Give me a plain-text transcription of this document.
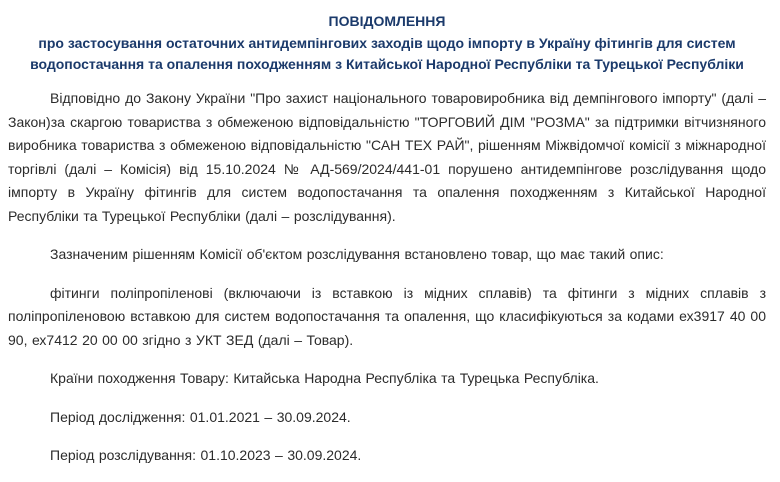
ПОВІДОМЛЕННЯ
про застосування остаточних антидемпінгових заходів щодо імпорту в Україну фітингів для систем водопостачання та опалення походженням з Китайської Народної Республіки та Турецької Республіки

Відповідно до Закону України "Про захист національного товаровиробника від демпінгового імпорту" (далі – Закон)за скаргою товариства з обмеженою відповідальністю "ТОРГОВИЙ ДІМ "РОЗМА" за підтримки вітчизняного виробника товариства з обмеженою відповідальністю "САН ТЕХ РАЙ", рішенням Міжвідомчої комісії з міжнародної торгівлі (далі – Комісія) від 15.10.2024 № АД-569/2024/441-01 порушено антидемпінгове розслідування щодо імпорту в Україну фітингів для систем водопостачання та опалення походженням з Китайської Народної Республіки та Турецької Республіки (далі – розслідування).

Зазначеним рішенням Комісії об'єктом розслідування встановлено товар, що має такий опис:

фітинги поліпропіленові (включаючи із вставкою із мідних сплавів) та фітинги з мідних сплавів з поліпропіленовою вставкою для систем водопостачання та опалення, що класифікуються за кодами ех3917 40 00 90, ех7412 20 00 00 згідно з УКТ ЗЕД (далі – Товар).

Країни походження Товару: Китайська Народна Республіка та Турецька Республіка.

Період дослідження: 01.01.2021 – 30.09.2024.

Період розслідування: 01.10.2023 – 30.09.2024.
